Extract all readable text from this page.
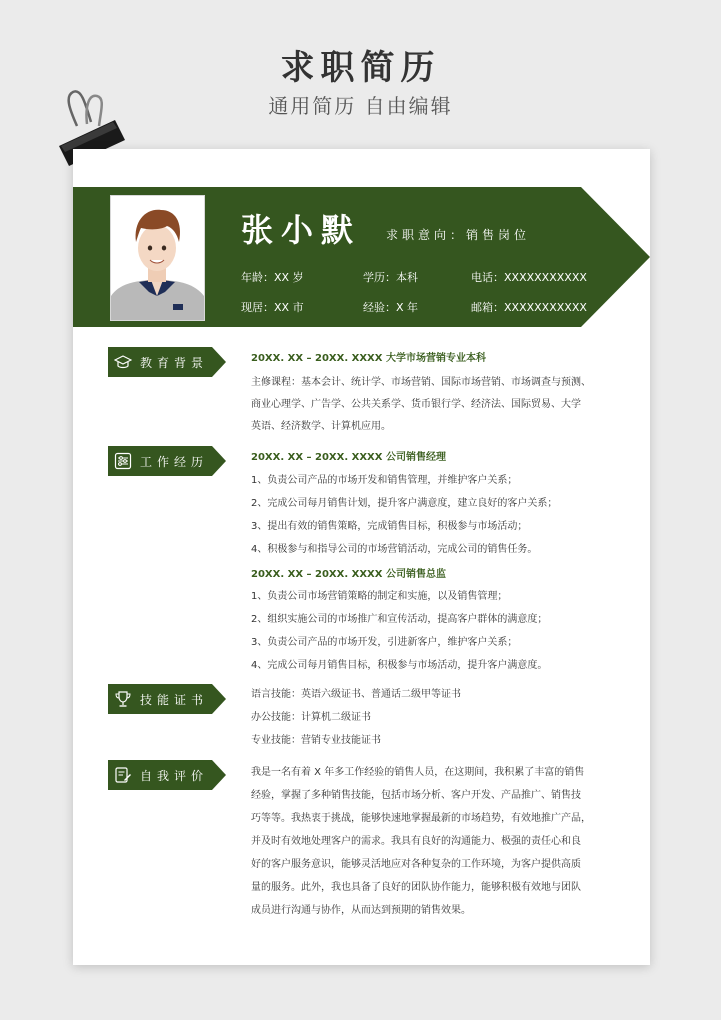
求职简历
通用简历 自由编辑
张小默 求职意向：销售岗位
年龄：XX 岁	学历：本科	电话：XXXXXXXXXXX
现居：XX 市	经验：X 年	邮箱：XXXXXXXXXXX
教育背景	20XX. XX – 20XX. XXXX 大学市场营销专业本科
主修课程：基本会计、统计学、市场营销、国际市场营销、市场调查与预测、
商业心理学、广告学、公共关系学、货币银行学、经济法、国际贸易、大学
英语、经济数学、计算机应用。
工作经历	20XX. XX – 20XX. XXXX 公司销售经理
1、负责公司产品的市场开发和销售管理，并维护客户关系；
2、完成公司每月销售计划，提升客户满意度，建立良好的客户关系；
3、提出有效的销售策略，完成销售目标，积极参与市场活动；
4、积极参与和指导公司的市场营销活动，完成公司的销售任务。
20XX. XX – 20XX. XXXX 公司销售总监
1、负责公司市场营销策略的制定和实施，以及销售管理；
2、组织实施公司的市场推广和宣传活动，提高客户群体的满意度；
3、负责公司产品的市场开发，引进新客户，维护客户关系；
4、完成公司每月销售目标，积极参与市场活动，提升客户满意度。
技能证书	语言技能：英语六级证书、普通话二级甲等证书
办公技能：计算机二级证书
专业技能：营销专业技能证书
自我评价	我是一名有着 X 年多工作经验的销售人员，在这期间，我积累了丰富的销售
经验，掌握了多种销售技能，包括市场分析、客户开发、产品推广、销售技
巧等等。我热衷于挑战，能够快速地掌握最新的市场趋势，有效地推广产品，
并及时有效地处理客户的需求。我具有良好的沟通能力、极强的责任心和良
好的客户服务意识，能够灵活地应对各种复杂的工作环境，为客户提供高质
量的服务。此外，我也具备了良好的团队协作能力，能够积极有效地与团队
成员进行沟通与协作，从而达到预期的销售效果。
